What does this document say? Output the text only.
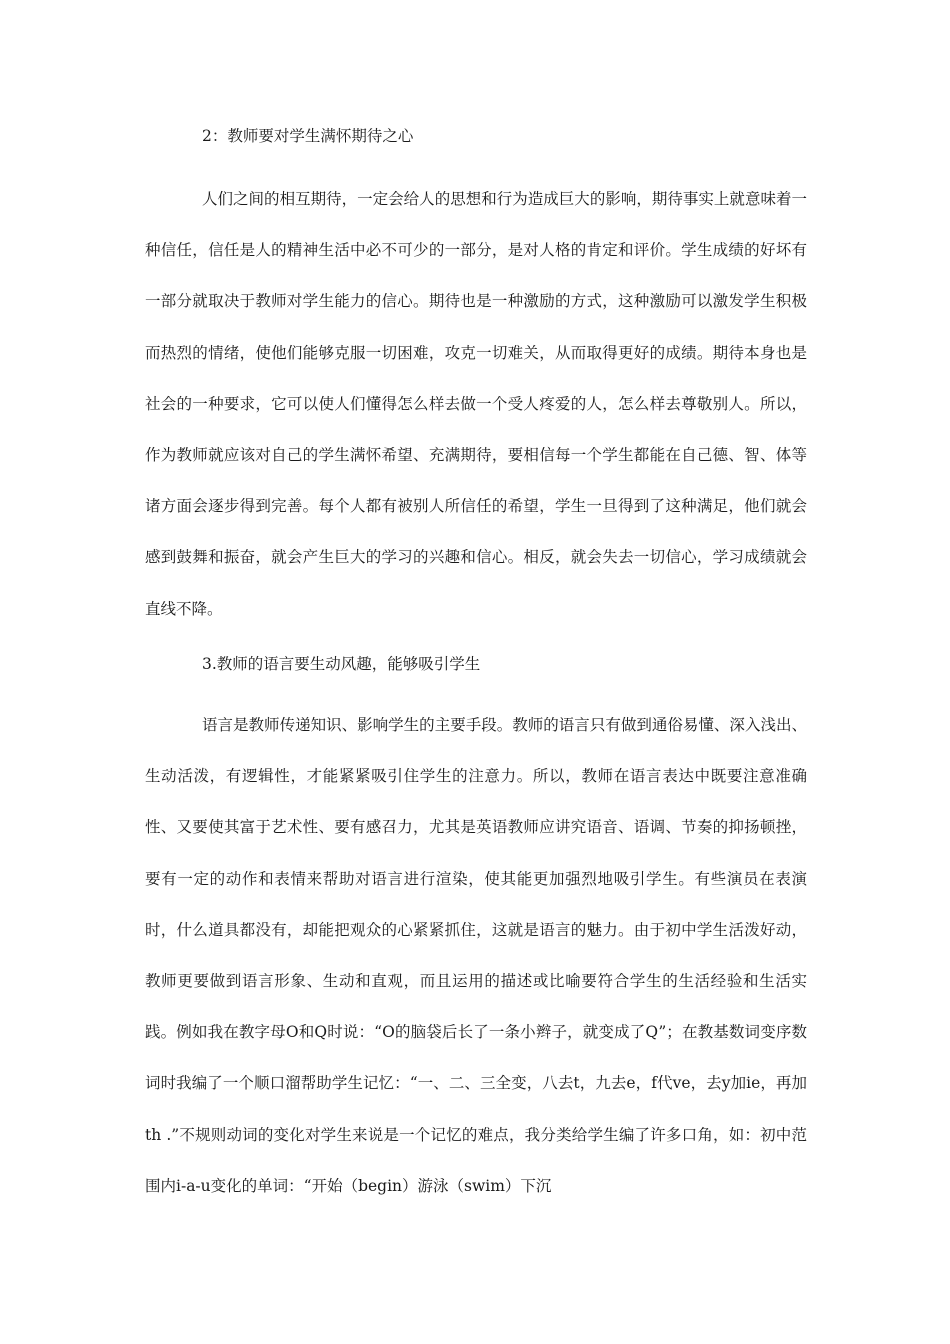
2：教师要对学生满怀期待之心

人们之间的相互期待，一定会给人的思想和行为造成巨大的影响，期待事实上就意味着一种信任，信任是人的精神生活中必不可少的一部分，是对人格的肯定和评价。学生成绩的好坏有一部分就取决于教师对学生能力的信心。期待也是一种激励的方式，这种激励可以激发学生积极而热烈的情绪，使他们能够克服一切困难，攻克一切难关，从而取得更好的成绩。期待本身也是社会的一种要求，它可以使人们懂得怎么样去做一个受人疼爱的人，怎么样去尊敬别人。所以，作为教师就应该对自己的学生满怀希望、充满期待，要相信每一个学生都能在自己德、智、体等诸方面会逐步得到完善。每个人都有被别人所信任的希望，学生一旦得到了这种满足，他们就会感到鼓舞和振奋，就会产生巨大的学习的兴趣和信心。相反，就会失去一切信心，学习成绩就会直线不降。

3.教师的语言要生动风趣，能够吸引学生

语言是教师传递知识、影响学生的主要手段。教师的语言只有做到通俗易懂、深入浅出、生动活泼，有逻辑性，才能紧紧吸引住学生的注意力。所以，教师在语言表达中既要注意准确性、又要使其富于艺术性、要有感召力，尤其是英语教师应讲究语音、语调、节奏的抑扬顿挫，要有一定的动作和表情来帮助对语言进行渲染，使其能更加强烈地吸引学生。有些演员在表演时，什么道具都没有，却能把观众的心紧紧抓住，这就是语言的魅力。由于初中学生活泼好动，教师更要做到语言形象、生动和直观，而且运用的描述或比喻要符合学生的生活经验和生活实践。例如我在教字母O和Q时说：“O的脑袋后长了一条小辫子，就变成了Q”；在教基数词变序数词时我编了一个顺口溜帮助学生记忆：“一、二、三全变，八去t，九去e，f代ve，去y加ie，再加th .”不规则动词的变化对学生来说是一个记忆的难点，我分类给学生编了许多口角，如：初中范围内i-a-u变化的单词：“开始（begin）游泳（swim）下沉
